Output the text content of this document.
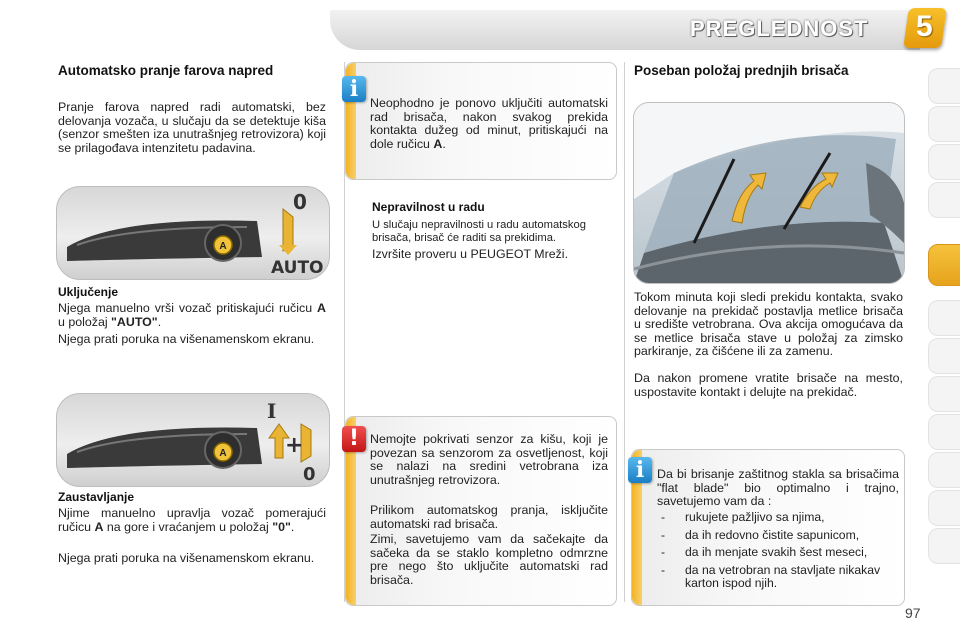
PREGLEDNOST 5
Automatsko pranje farova napred
Pranje farova napred radi automatski, bez delovanja vozača, u slučaju da se detektuje kiša (senzor smešten iza unutrašnjeg retrovizora) koji se prilagođava intenzitetu padavina.
A
0
AUTO
Uključenje
Njega manuelno vrši vozač pritiskajući ručicu A u položaj "AUTO".
Njega prati poruka na višenamenskom ekranu.
A
I
+
0
Zaustavljanje
Njime manuelno upravlja vozač pomerajući ručicu A na gore i vraćanjem u položaj "0".
Njega prati poruka na višenamenskom ekranu.
i
Neophodno je ponovo uključiti automatski rad brisača, nakon svakog prekida kontakta dužeg od minut, pritiskajući na dole ručicu A.
Nepravilnost u radu
U slučaju nepravilnosti u radu automatskog brisača, brisač će raditi sa prekidima.
Izvršite proveru u PEUGEOT Mreži.
! Nemojte pokrivati senzor za kišu, koji je povezan sa senzorom za osvetljenost, koji se nalazi na sredini vetrobrana iza unutrašnjeg retrovizora.
Prilikom automatskog pranja, isključite automatski rad brisača.
Zimi, savetujemo vam da sačekajte da sačeka da se staklo kompletno odmrzne pre nego što uključite automatski rad brisača.
Poseban položaj prednjih brisača
Tokom minuta koji sledi prekidu kontakta, svako delovanje na prekidač postavlja metlice brisača u središte vetrobrana. Ova akcija omogućava da se metlice brisača stave u položaj za zimsko parkiranje, za čišćene ili za zamenu.
Da nakon promene vratite brisače na mesto, uspostavite kontakt i delujte na prekidač.
i	Da bi brisanje zaštitnog stakla sa brisačima "flat blade" bio optimalno i trajno, savetujemo vam da :
- rukujete pažljivo sa njima,
- da ih redovno čistite sapunicom,
- da ih menjate svakih šest meseci,
- da na vetrobran na stavljate nikakav karton ispod njih.
97
